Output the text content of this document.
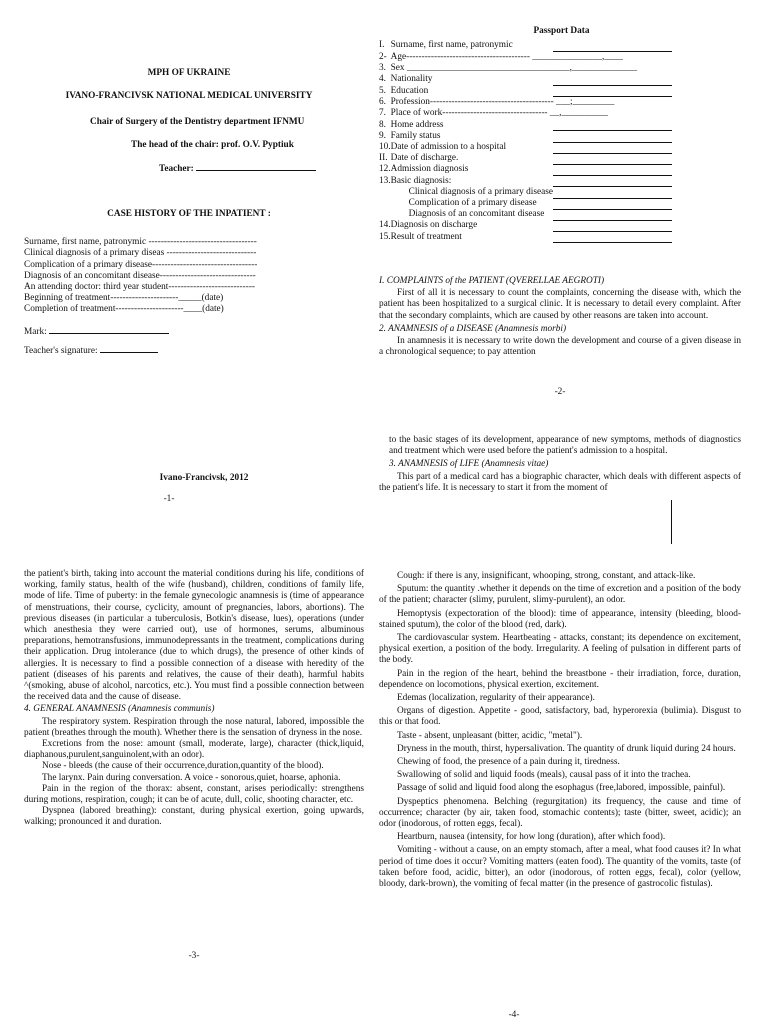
MPH OF UKRAINE

IVANO-FRANCIVSK NATIONAL MEDICAL UNIVERSITY

Chair of Surgery of the Dentistry department IFNMU

The head of the chair: prof. O.V. Pyptiuk

Teacher:

CASE HISTORY OF THE INPATIENT :

Surname, first name, patronymic -----------------------------------

Clinical diagnosis of a primary diseas -----------------------------

Complication of a primary disease----------------------------------

Diagnosis of an concomitant disease-------------------------------

An attending doctor: third year student----------------------------

Beginning of treatment----------------------_____(date)

Completion of treatment----------------------____(date)

Mark:

Teacher's signature:

Ivano-Francivsk, 2012
-1-

Passport Data

I.	Surname, first name, patronymic	
2-	Age---------------------------------------- _______________,____	
3.	Sex ___________________________________,______________	
4.	Nationality	
5.	Education	
6.	Profession---------------------------------------- ___;_________	
7.	Place of work---------------------------------- __,__________	
8.	Home address	
9.	Family status	
10.	Date of admission to a hospital	
II.	Date of discharge.	
12.	Admission diagnosis	
13.	Basic diagnosis:	
	Clinical diagnosis of a primary disease	
	Complication of a primary disease	
	Diagnosis of an concomitant disease	
14.	Diagnosis on discharge	
15.	Result of treatment	

I. COMPLAINTS of the PATIENT (QVERELLAE AEGROTI)

First of all it is necessary to count the complaints, concerning the disease with, which the patient has been hospitalized to a surgical clinic. It is necessary to detail every complaint. After that the secondary complaints, which are caused by other reasons are taken into account.

2. ANAMNESIS of a DISEASE (Anamnesis morbi)

In anamnesis it is necessary to write down the development and course of a given disease in a chronological sequence; to pay attention

-2-

to the basic stages of its development, appearance of new symptoms, methods of diagnostics and treatment which were used before the patient's admission to a hospital.

3. ANAMNESIS of LIFE (Anamnesis vitae)

This part of a medical card has a biographic character, which deals with different aspects of the patient's life. It is necessary to start it from the moment of

the patient's birth, taking into account the material conditions during his life, conditions of working, family status, health of the wife (husband), children, conditions of family life, mode of life. Time of puberty: in the female gynecologic anamnesis is (time of appearance of menstruations, their course, cyclicity, amount of pregnancies, labors, abortions). The previous diseases (in particular a tuberculosis, Botkin's disease, lues), operations (under which anesthesia they were carried out), use of hormones, serums, albuminous preparations, hemotransfusions, immunodepressants in the treatment, complications during their application. Drug intolerance (due to which drugs), the presence of other kinds of allergies. It is necessary to find a possible connection of a disease with heredity of the patient (diseases of his parents and relatives, the cause of their death), harmful habits ^(smoking, abuse of alcohol, narcotics, etc.). You must find a possible connection between the received data and the cause of disease.

4. GENERAL ANAMNESIS (Anamnesis communis)

The respiratory system. Respiration through the nose natural, labored, impossible the patient (breathes through the mouth). Whether there is the sensation of dryness in the nose.

Excretions from the nose: amount (small, moderate, large), character (thick,liquid, diaphanous,purulent,sanguinolent,with an odor).

Nose - bleeds (the cause of their occurrence,duration,quantity of the blood).

The larynx. Pain during conversation. A voice - sonorous,quiet, hoarse, aphonia.

Pain in the region of the thorax: absent, constant, arises periodically: strengthens during motions, respiration, cough; it can be of acute, dull, colic, shooting character, etc.

Dyspnea (labored breathing): constant, during physical exertion, going upwards, walking; pronounced it and duration.

-3-

Cough: if there is any, insignificant, whooping, strong, constant, and attack-like.

Sputum: the quantity .whether it depends on the time of excretion and a position of the body of the patient; character (slimy, purulent, slimy-purulent), an odor.

Hemoptysis (expectoration of the blood): time of appearance, intensity (bleeding, blood-stained sputum), the color of the blood (red, dark).

The cardiovascular system. Heartbeating - attacks, constant; its dependence on excitement, physical exertion, a position of the body. Irregularity. A feeling of pulsation in different parts of the body.

Pain in the region of the heart, behind the breastbone - their irradiation, force, duration, dependence on locomotions, physical exertion, excitement.

Edemas (localization, regularity of their appearance).

Organs of digestion. Appetite - good, satisfactory, bad, hyperorexia (bulimia). Disgust to this or that food.

Taste - absent, unpleasant (bitter, acidic, "metal").

Dryness in the mouth, thirst, hypersalivation. The quantity of drunk liquid during 24 hours.

Chewing of food, the presence of a pain during it, tiredness.

Swallowing of solid and liquid foods (meals), causal pass of it into the trachea.

Passage of solid and liquid food along the esophagus (free,labored, impossible, painful).

Dyspeptics phenomena. Belching (regurgitation) its frequency, the cause and time of occurrence; character (by air, taken food, stomachic contents); taste (bitter, sweet, acidic); an odor (inodorous, of rotten eggs, fecal).

Heartburn, nausea (intensity, for how long (duration), after which food).

Vomiting - without a cause, on an empty stomach, after a meal, what food causes it? In what period of time does it occur? Vomiting matters (eaten food). The quantity of the vomits, taste (of taken before food, acidic, bitter), an odor (inodorous, of rotten eggs, fecal), color (yellow, bloody, dark-brown), the vomiting of fecal matter (in the presence of gastrocolic fistulas).

-4-
